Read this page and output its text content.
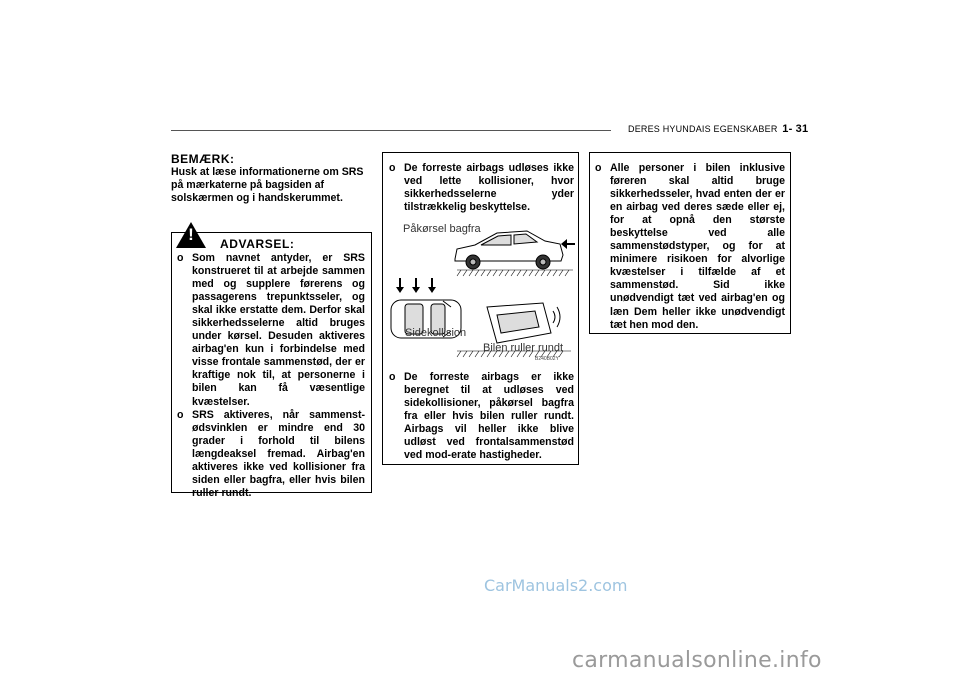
DERES HYUNDAIS EGENSKABER 1- 31
BEMÆRK:
Husk at læse informationerne om SRS på mærkaterne på bagsiden af solskærmen og i handskerummet.
! ADVARSEL:
o Som navnet antyder, er SRS konstrueret til at arbejde sammen med og supplere førerens og passagerens trepunktsseler, og skal ikke erstatte dem. Derfor skal sikkerhedsselerne altid bruges under kørsel. Desuden aktiveres airbag'en kun i forbindelse med visse frontale sammenstød, der er kraftige nok til, at personerne i bilen kan få væsentlige kvæstelser.
o SRS aktiveres, når sammenst-ødsvinklen er mindre end 30 grader i forhold til bilens længdeaksel fremad. Airbag'en aktiveres ikke ved kollisioner fra siden eller bagfra, eller hvis bilen ruller rundt.
o De forreste airbags udløses ikke ved lette kollisioner, hvor sikkerhedsselerne yder tilstrækkelig beskyttelse.
Påkørsel bagfra
Sidekollision
Bilen ruller rundt
B240B02Y
o De forreste airbags er ikke beregnet til at udløses ved sidekollisioner, påkørsel bagfra fra eller hvis bilen ruller rundt. Airbags vil heller ikke blive udløst ved frontalsammenstød ved mod-erate hastigheder.
o Alle personer i bilen inklusive føreren skal altid bruge sikkerhedsseler, hvad enten der er en airbag ved deres sæde eller ej, for at opnå den største beskyttelse ved alle sammenstødstyper, og for at minimere risikoen for alvorlige kvæstelser i tilfælde af et sammenstød. Sid ikke unødvendigt tæt ved airbag'en og læn Dem heller ikke unødvendigt tæt hen mod den.
CarManuals2.com
carmanualsonline.info
